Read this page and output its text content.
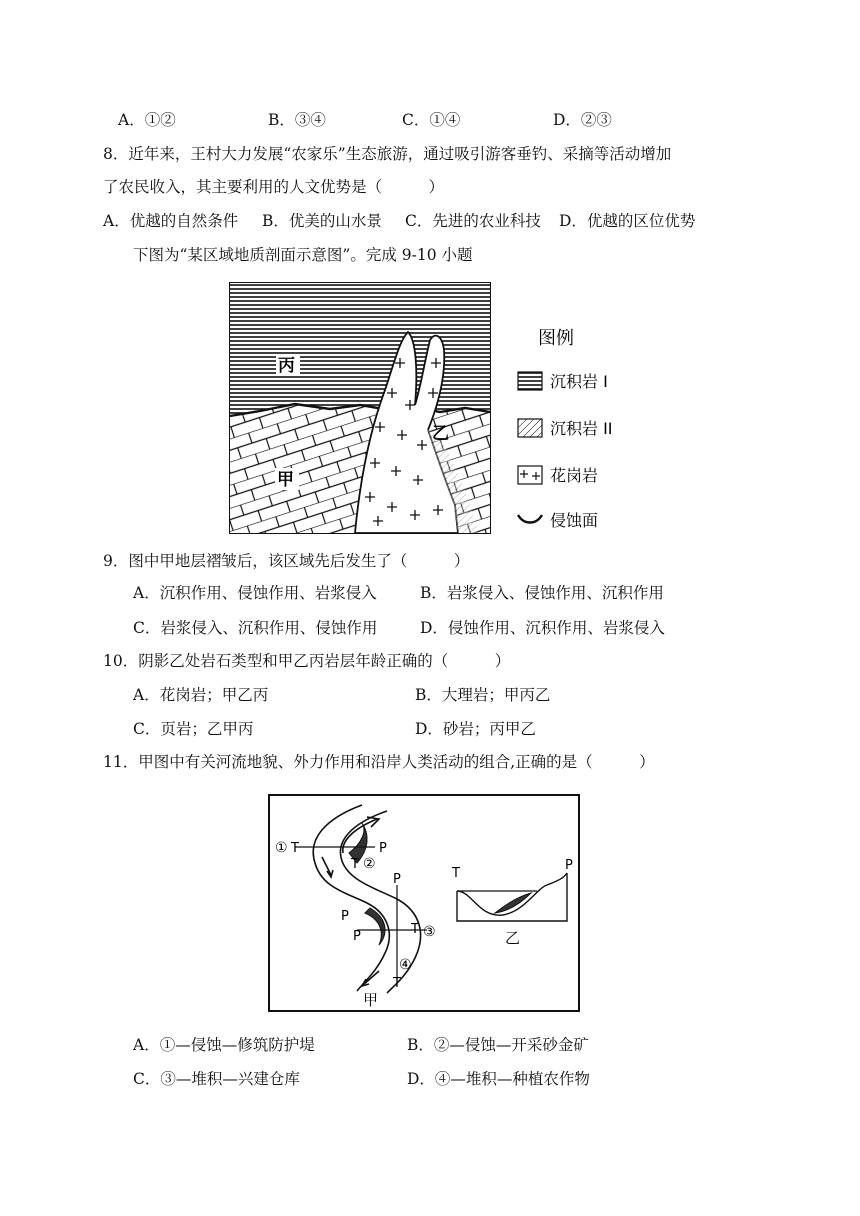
A．①②	B．③④	C．①④	D．②③
8．近年来，王村大力发展“农家乐”生态旅游，通过吸引游客垂钓、采摘等活动增加
了农民收入，其主要利用的人文优势是（　　　）
A．优越的自然条件 B．优美的山水景 C．先进的农业科技 D．优越的区位优势
下图为“某区域地质剖面示意图”。完成 9-10 小题
丙
甲
乙
图例
沉积岩 I
沉积岩 II
花岗岩
侵蚀面
9．图中甲地层褶皱后，该区域先后发生了（　　　）
A．沉积作用、侵蚀作用、岩浆侵入	B．岩浆侵入、侵蚀作用、沉积作用
C．岩浆侵入、沉积作用、侵蚀作用	D．侵蚀作用、沉积作用、岩浆侵入
10．阴影乙处岩石类型和甲乙丙岩层年龄正确的（　　　）
A．花岗岩；甲乙丙	B．大理岩；甲丙乙
C．页岩；乙甲丙	D．砂岩；丙甲乙
11．甲图中有关河流地貌、外力作用和沿岸人类活动的组合,正确的是（　　　）
① T	P
T ②
P
P
P	T ③
④
T
甲
T
P
乙
A．①—侵蚀—修筑防护堤	B．②—侵蚀—开采砂金矿
C．③—堆积—兴建仓库	D．④—堆积—种植农作物
